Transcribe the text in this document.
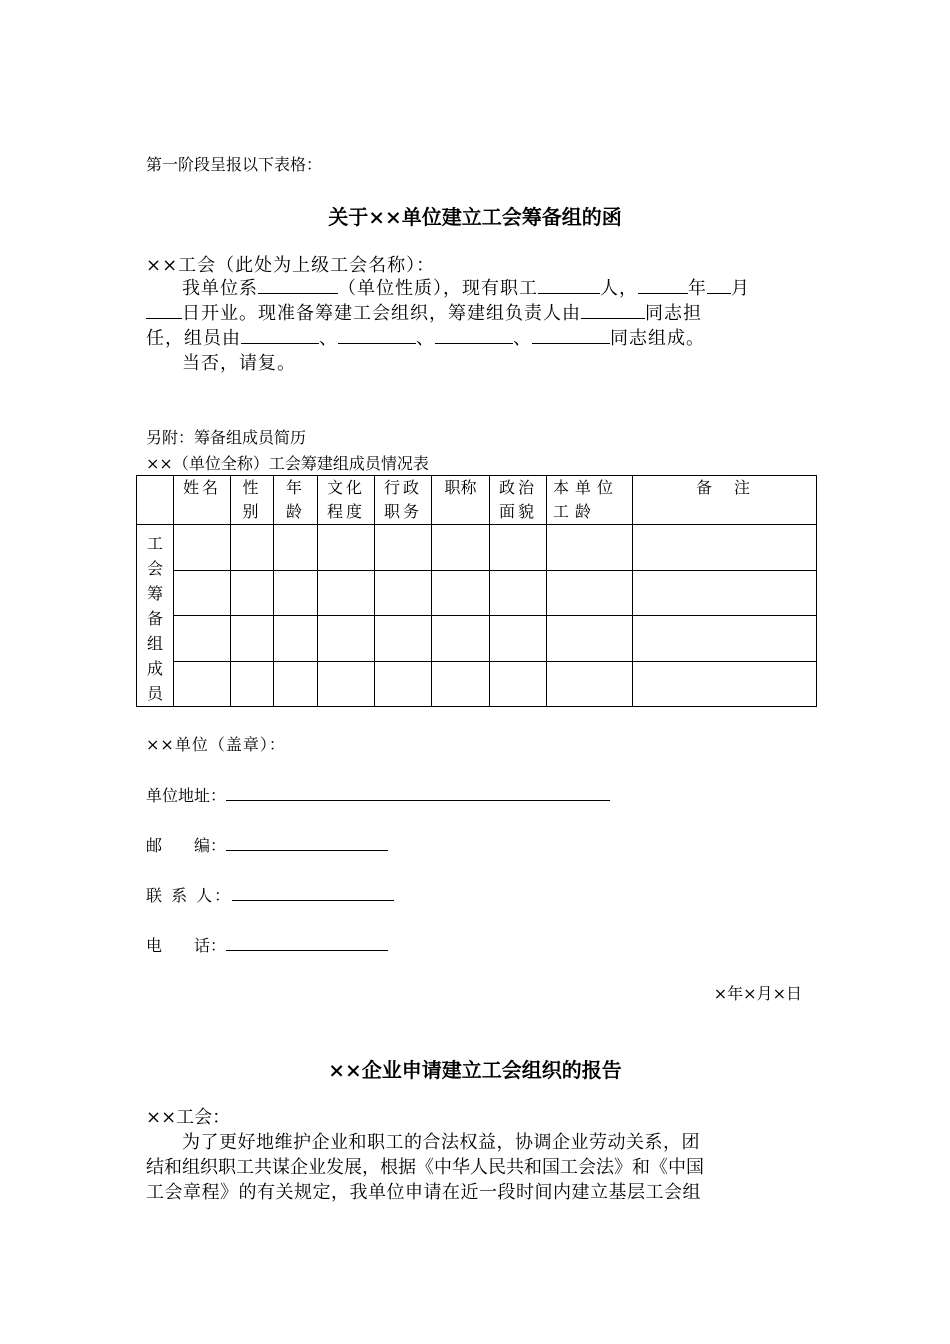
第一阶段呈报以下表格：
关于××单位建立工会筹备组的函
××工会（此处为上级工会名称）：
我单位系	（单位性质），现有职工	人，	年 月
日开业。现准备筹建工会组织，筹建组负责人由	同志担
任，组员由	、	、	、	同志组成。
当否，请复。
另附：筹备组成员简历
××（单位全称）工会筹建组成员情况表

	姓名	性别	年龄	文化程度	行政职务	职称	政治面貌	本单位工龄	备　注

工会筹备组成员									

××单位（盖章）：
单位地址：
邮　　编：
联 系 人：
电　　话：
×年×月×日
××企业申请建立工会组织的报告
××工会：
为了更好地维护企业和职工的合法权益，协调企业劳动关系，团
结和组织职工共谋企业发展，根据《中华人民共和国工会法》和《中国
工会章程》的有关规定，我单位申请在近一段时间内建立基层工会组
